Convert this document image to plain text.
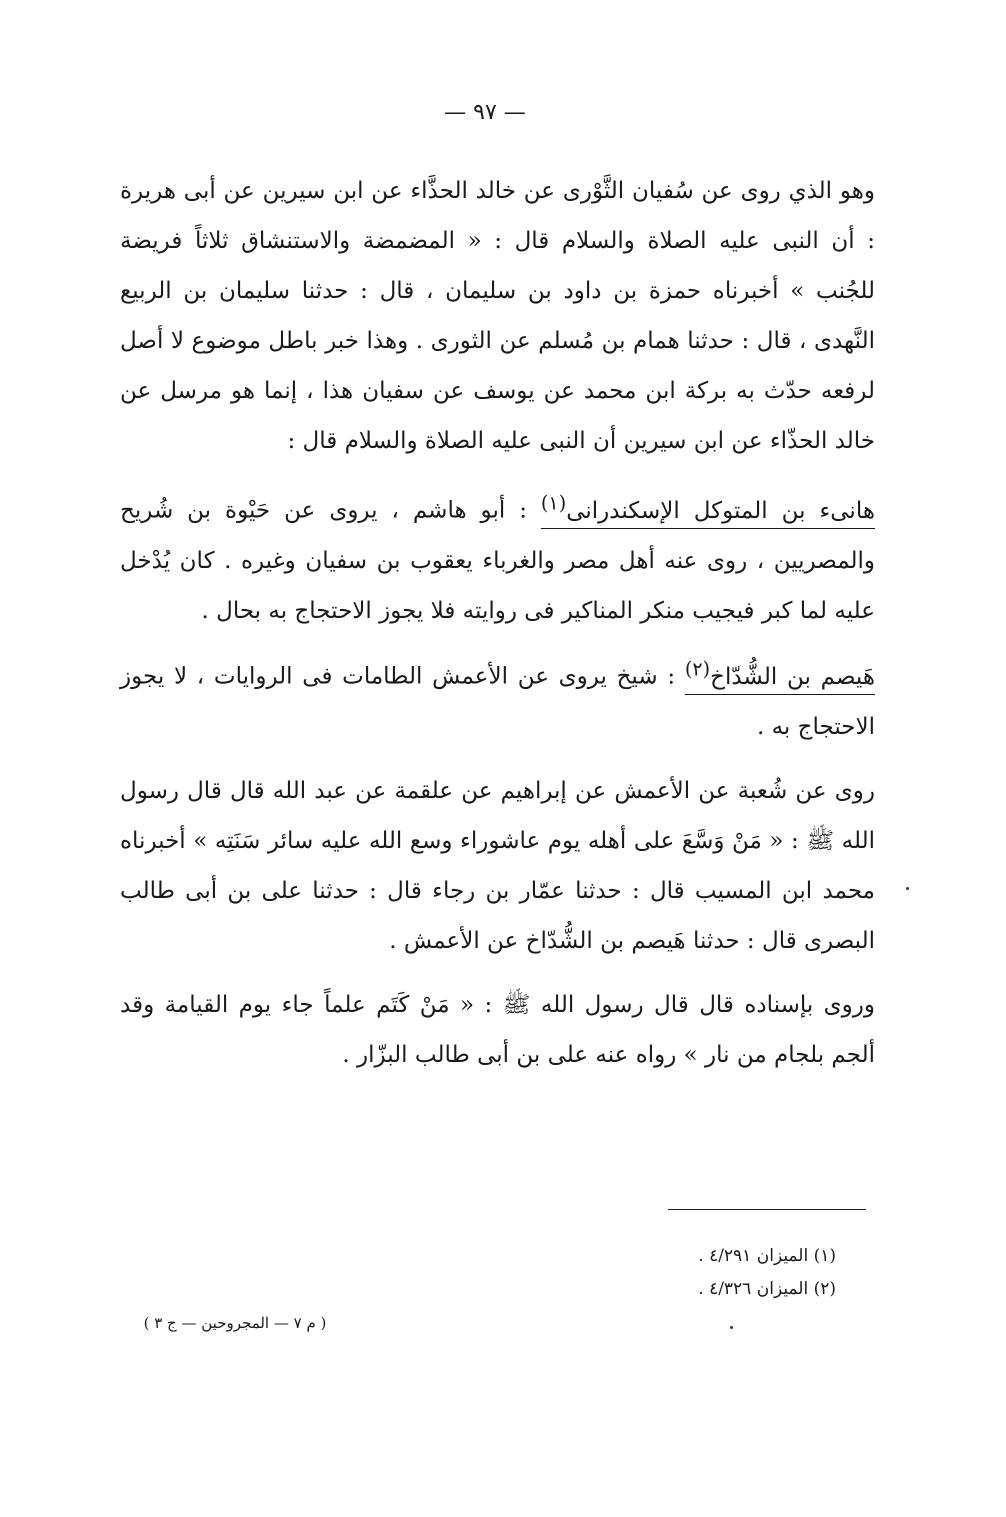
— ٩٧ —

وهو الذي روى عن سُفيان الثَّوْرى عن خالد الحذَّاء عن ابن سيرين عن أبى هريرة : أن النبى عليه الصلاة والسلام قال : « المضمضة والاستنشاق ثلاثاً فريضة للجُنب » أخبرناه حمزة بن داود بن سليمان ، قال : حدثنا سليمان بن الربيع النَّهدى ، قال : حدثنا همام بن مُسلم عن الثورى . وهذا خبر باطل موضوع لا أصل لرفعه حدّث به بركة ابن محمد عن يوسف عن سفيان هذا ، إنما هو مرسل عن خالد الحذّاء عن ابن سيرين أن النبى عليه الصلاة والسلام قال :

هانىء بن المتوكل الإسكندرانى$^{(١)}$ : أبو هاشم ، يروى عن حَيْوة بن شُريح والمصريين ، روى عنه أهل مصر والغرباء يعقوب بن سفيان وغيره . كان يُدْخل عليه لما كبر فيجيب منكر المناكير فى روايته فلا يجوز الاحتجاج به بحال .

هَيصم بن الشُّدّاخ$^{(٢)}$ : شيخ يروى عن الأعمش الطامات فى الروايات ، لا يجوز الاحتجاج به .

روى عن شُعبة عن الأعمش عن إبراهيم عن علقمة عن عبد الله قال قال رسول الله ﷺ : « مَنْ وَسَّعَ على أهله يوم عاشوراء وسع الله عليه سائر سَنَتِه » أخبرناه محمد ابن المسيب قال : حدثنا عمّار بن رجاء قال : حدثنا على بن أبى طالب البصرى قال : حدثنا هَيصم بن الشُّدّاخ عن الأعمش .

وروى بإسناده قال قال رسول الله ﷺ : « مَنْ كَتَم علماً جاء يوم القيامة وقد ألجم بلجام من نار » رواه عنه على بن أبى طالب البزّار .

(١) الميزان ٤/٢٩١ .
(٢) الميزان ٤/٣٢٦ .
( م ٧ — المجروحين — ج ٣ )
